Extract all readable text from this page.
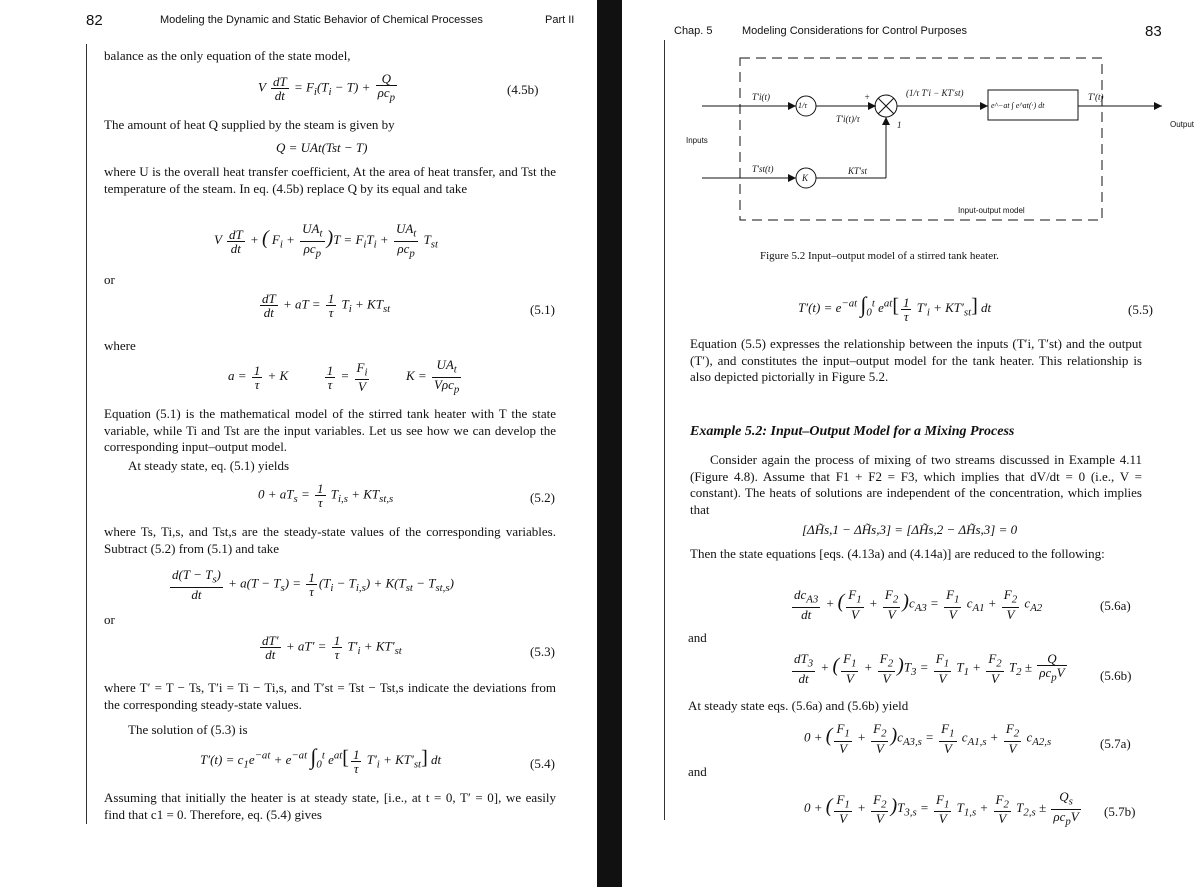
82	Modeling the Dynamic and Static Behavior of Chemical Processes	Part II
balance as the only equation of the state model,
V $\frac{dT}{dt} = F_i(T_i - T) + \frac{Q}{\rho c_p}$	(4.5b)
The amount of heat Q supplied by the steam is given by
Q = UAt(Tst − T)

where U is the overall heat transfer coefficient, At the area of heat transfer, and Tst the temperature of the steam. In eq. (4.5b) replace Q by its equal and take

V $\frac{dT}{dt}$ + ( $F_i + \frac{UA_t}{\rho c_p} )T = F_iT_i + \frac{UA_t}{\rho c_p} T_{st}$
or
$\frac{dT}{dt}$ + aT = $\frac{1}{\tau} T_i + KT_{st}$	(5.1)
where
$a = \frac{1}{\tau} + K$	$\frac{1}{\tau} = \frac{F_i}{V}$	$K = \frac{UA_t}{V\rho c_p}$

Equation (5.1) is the mathematical model of the stirred tank heater with T the state variable, while Ti and Tst are the input variables. Let us see how we can develop the corresponding input–output model.

At steady state, eq. (5.1) yields
$0 + aT_s = \frac{1}{\tau} T_{i,s} + KT_{st,s}$	(5.2)

where Ts, Ti,s, and Tst,s are the steady-state values of the corresponding variables. Subtract (5.2) from (5.1) and take

$\frac{d(T - T_s)}{dt} + a(T - T_s) = \frac{1}{\tau} (T_i - T_{i,s}) + K(T_{st} - T_{st,s})$
or
$\frac{dT'}{dt} + aT' = \frac{1}{\tau} T'_i + KT'_{st}$	(5.3)

where T′ = T − Ts, T′i = Ti − Ti,s, and T′st = Tst − Tst,s indicate the deviations from the corresponding steady-state values.

The solution of (5.3) is
$T'(t) = c_1e^{-at} + e^{-at}$ $\int_0^t$ $e^{at}[ \frac{1}{\tau} T'_i + KT'_{st}]$ dt	(5.4)

Assuming that initially the heater is at steady state, [i.e., at t = 0, T′ = 0], we easily find that c1 = 0. Therefore, eq. (5.4) gives

Chap. 5	Modeling Considerations for Control Purposes	83
Inputs
Output
Input-output model
T′i(t)
T′st(t)
1/τ
K
T′i(t)/τ
KT′st
(1/τ T′i − KT′st)
e^−at ∫ e^at(·) dt
T′(t)
+
1
Figure 5.2 Input–output model of a stirred tank heater.
$T'(t) = e^{-at}$ $\int_0^t$ $e^{at}[ \frac{1}{\tau} T'_i + KT'_{st}]$ dt	(5.5)

Equation (5.5) expresses the relationship between the inputs (T′i, T′st) and the output (T′), and constitutes the input–output model for the tank heater. This relationship is also depicted pictorially in Figure 5.2.

Example 5.2: Input–Output Model for a Mixing Process

Consider again the process of mixing of two streams discussed in Example 4.11 (Figure 4.8). Assume that F1 + F2 = F3, which implies that dV/dt = 0 (i.e., V = constant). The heats of solutions are independent of the concentration, which implies that

[ΔH̃s,1 − ΔH̃s,3] = [ΔH̃s,2 − ΔH̃s,3] = 0

Then the state equations [eqs. (4.13a) and (4.14a)] are reduced to the following:

$\frac{dc_{A3}}{dt}$ + ( $\frac{F_1}{V} + \frac{F_2}{V} )c_{A3} = \frac{F_1}{V} c_{A1} + \frac{F_2}{V} c_{A2}$	(5.6a)
and
$\frac{dT_3}{dt}$ + ( $\frac{F_1}{V} + \frac{F_2}{V} )T_3 = \frac{F_1}{V} T_1 + \frac{F_2}{V} T_2 \pm \frac{Q}{\rho c_pV}$	(5.6b)
At steady state eqs. (5.6a) and (5.6b) yield
0 + ( $\frac{F_1}{V} + \frac{F_2}{V} )c_{A3,s} = \frac{F_1}{V} c_{A1,s} + \frac{F_2}{V} c_{A2,s}$	(5.7a)
and
0 + ( $\frac{F_1}{V} + \frac{F_2}{V} )T_{3,s} = \frac{F_1}{V} T_{1,s} + \frac{F_2}{V} T_{2,s} \pm \frac{Q_s}{\rho c_pV} (5.7b)$
